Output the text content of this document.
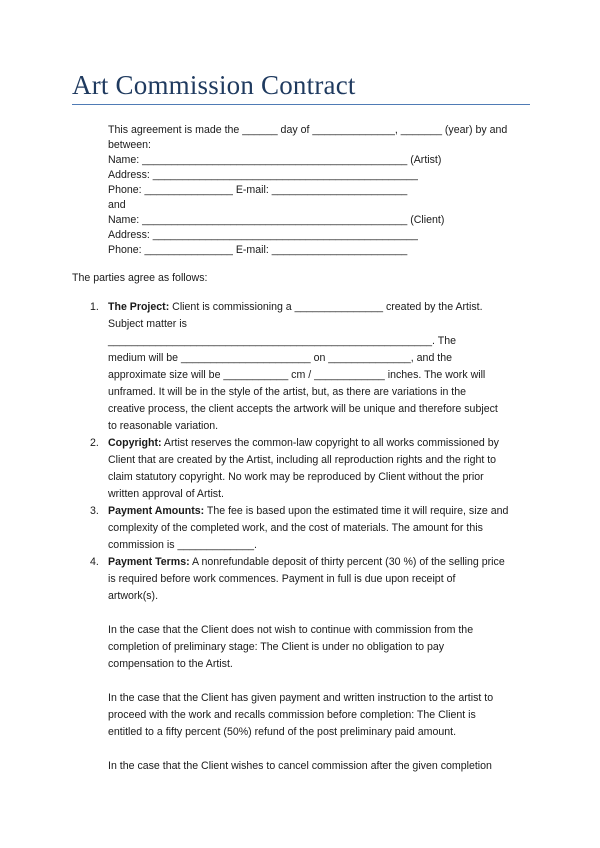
Art Commission Contract
This agreement is made the ______ day of ______________, _______ (year) by and
between:
Name: _____________________________________________ (Artist)
Address: _____________________________________________
Phone: _______________ E-mail: _______________________
and
Name: _____________________________________________ (Client)
Address: _____________________________________________
Phone: _______________ E-mail: _______________________
The parties agree as follows:
1. The Project: Client is commissioning a _______________ created by the Artist.
Subject matter is
_______________________________________________________. The
medium will be ______________________ on ______________, and the
approximate size will be ___________ cm / ____________ inches. The work will
unframed. It will be in the style of the artist, but, as there are variations in the
creative process, the client accepts the artwork will be unique and therefore subject
to reasonable variation.
2. Copyright: Artist reserves the common-law copyright to all works commissioned by
Client that are created by the Artist, including all reproduction rights and the right to
claim statutory copyright. No work may be reproduced by Client without the prior
written approval of Artist.
3. Payment Amounts: The fee is based upon the estimated time it will require, size and
complexity of the completed work, and the cost of materials. The amount for this
commission is _____________.
4. Payment Terms: A nonrefundable deposit of thirty percent (30 %) of the selling price
is required before work commences. Payment in full is due upon receipt of
artwork(s).
In the case that the Client does not wish to continue with commission from the
completion of preliminary stage: The Client is under no obligation to pay
compensation to the Artist.
In the case that the Client has given payment and written instruction to the artist to
proceed with the work and recalls commission before completion: The Client is
entitled to a fifty percent (50%) refund of the post preliminary paid amount.
In the case that the Client wishes to cancel commission after the given completion
